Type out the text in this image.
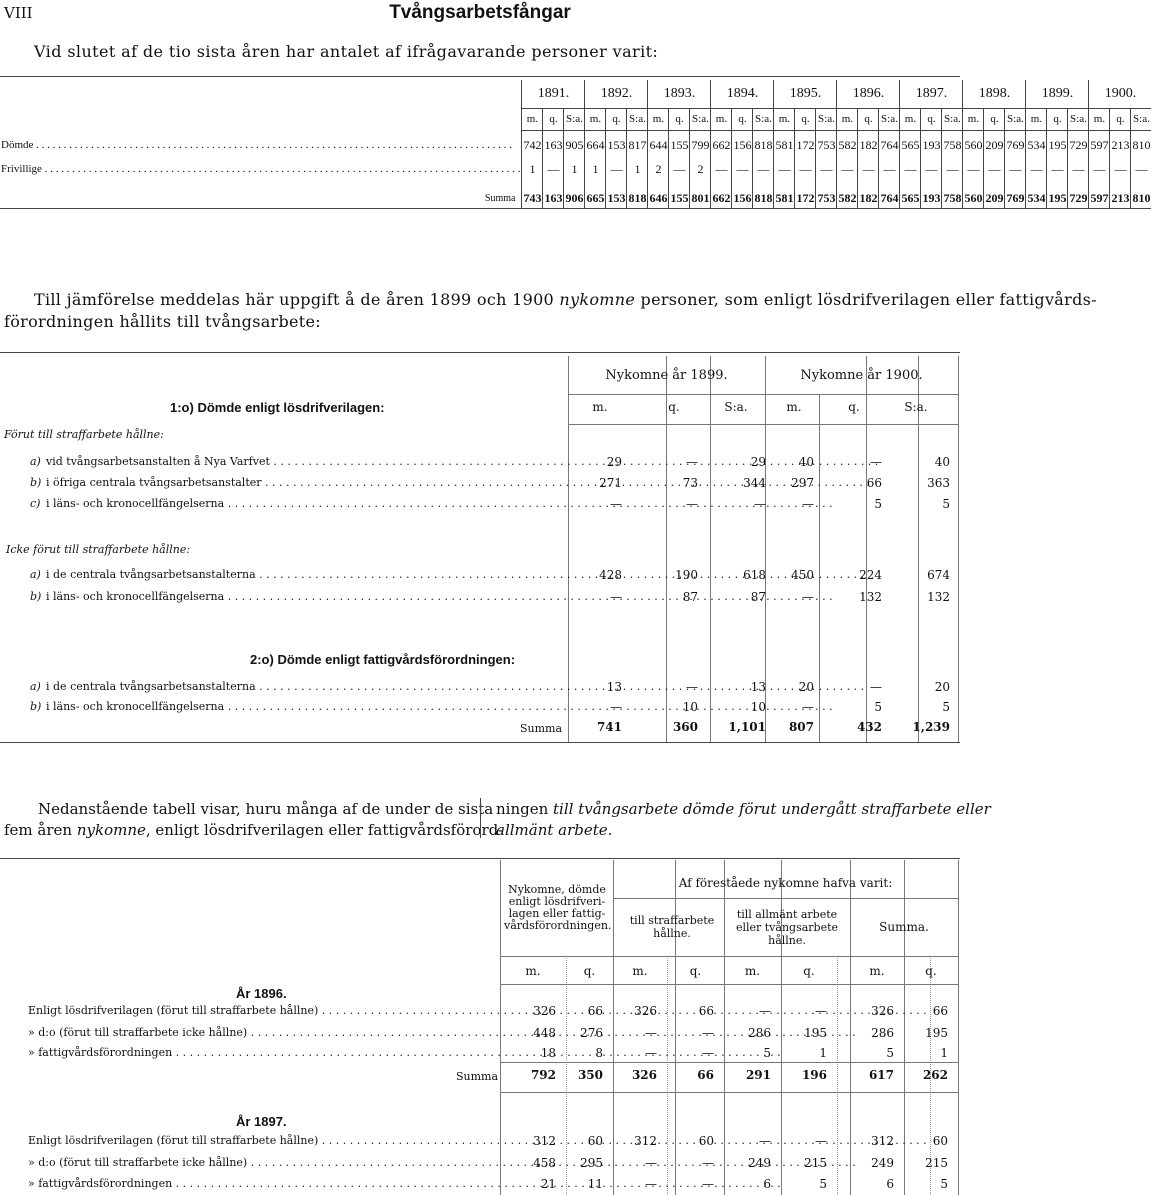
VIII	Tvångsarbetsfångar
Vid slutet af de tio sista åren har antalet af ifrågavarande personer varit:
	1891.			1892.			1893.			1894.			1895.			1896.			1897.			1898.			1899.			1900.		
	m.	q.	S:a.	m.	q.	S:a.	m.	q.	S:a.	m.	q.	S:a.	m.	q.	S:a.	m.	q.	S:a.	m.	q.	S:a.	m.	q.	S:a.	m.	q.	S:a.	m.	q.	S:a.
Dömde . . .	742	163	905	664	153	817	644	155	799	662	156	818	581	172	753	582	182	764	565	193	758	560	209	769	534	195	729	597	213	810
Frivillige . . .	1	—	1	1	—	1	2	—	2	—	—	—	—	—	—	—	—	—	—	—	—	—	—	—	—	—	—	—	—	—

Summa	743	163	906	665	153	818	646	155	801	662	156	818	581	172	753	582	182	764	565	193	758	560	209	769	534	195	729	597	213	810
Till jämförelse meddelas här uppgift å de åren 1899 och 1900 nykomne personer, som enligt lösdrifverilagen eller fattigvårds-
förordningen hållits till tvångsarbete:
Nykomne år 1899.	Nykomne år 1900.
m.	q.	S:a.	m.	q.	S:a.
1:o) Dömde enligt lösdrifverilagen:
Förut till straffarbete hållne:
Icke förut till straffarbete hållne:
2:o) Dömde enligt fattigvårdsförordningen:
a) vid tvångsarbetsanstalten å Nya Varfvet . . .	29	—	29	40	—	40
b) i öfriga centrala tvångsarbetsanstalter . . .	271	73	344	297	66	363
c) i läns- och kronocellfängelserna . . .	—	—	—	—	5	5
a) i de centrala tvångsarbetsanstalterna . . .	428	190	618	450	224	674
b) i läns- och kronocellfängelserna . . .	—	87	87	—	132	132
a) i de centrala tvångsarbetsanstalterna . . .	13	—	13	20	—	20
b) i läns- och kronocellfängelserna . . .	—	10	10	—	5	5
Summa	741	360	1,101	807	432	1,239
Nedanstående tabell visar, huru många af de under de sista
fem åren nykomne, enligt lösdrifverilagen eller fattigvårdsförord-
ningen till tvångsarbete dömde förut undergått straffarbete eller
allmänt arbete.
Nykomne, dömde enligt lösdrifveri-lagen eller fattig-vårdsförordningen.
Af föreståede nykomne hafva varit:
till straffarbete hållne.
till allmänt arbete eller tvångsarbete hållne.
Summa.
m.	q.	m.	q.	m.	q.	m.	q.
År 1896.
År 1897.
Enligt lösdrifverilagen (förut till straffarbete hållne) . . .	326	66	326	66	—	—	326	66
» d:o (förut till straffarbete icke hållne) . . .	448	276	—	—	286	195	286	195
» fattigvårdsförordningen . . .	18	8	—	—	5	1	5	1
Enligt lösdrifverilagen (förut till straffarbete hållne) . . .	312	60	312	60	—	—	312	60
» d:o (förut till straffarbete icke hållne) . . .	458	295	—	—	249	215	249	215
» fattigvårdsförordningen . . .	21	11	—	—	6	5	6	5
Summa	792	350	326	66	291	196	617	262
